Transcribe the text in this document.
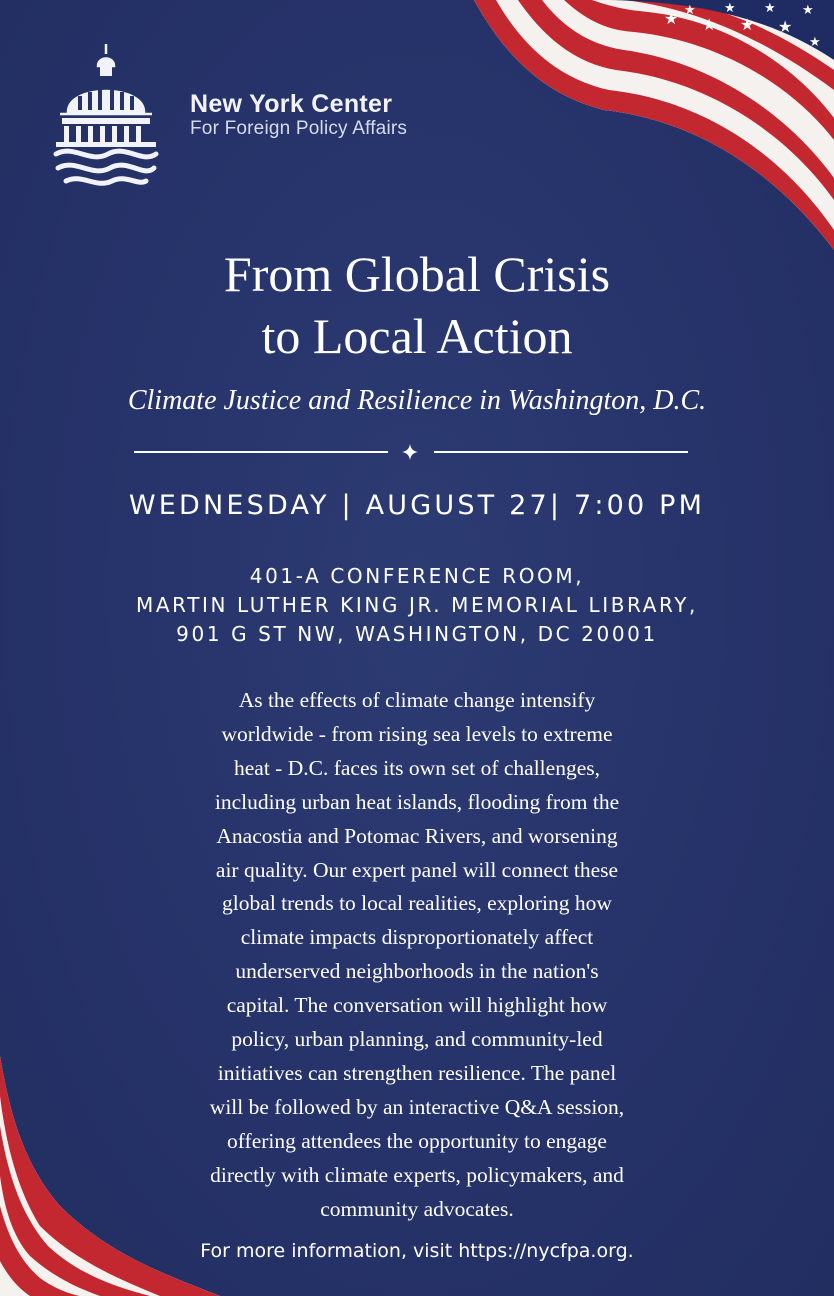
★ ★ ★ ★
★ ★ ★ ★
★
New York Center
For Foreign Policy Affairs
From Global Crisis
to Local Action
Climate Justice and Resilience in Washington, D.C.
WEDNESDAY | AUGUST 27| 7:00 PM
401-A CONFERENCE ROOM,
MARTIN LUTHER KING JR. MEMORIAL LIBRARY,
901 G ST NW, WASHINGTON, DC 20001
As the effects of climate change intensify
worldwide - from rising sea levels to extreme
heat - D.C. faces its own set of challenges,
including urban heat islands, flooding from the
Anacostia and Potomac Rivers, and worsening
air quality. Our expert panel will connect these
global trends to local realities, exploring how
climate impacts disproportionately affect
underserved neighborhoods in the nation's
capital. The conversation will highlight how
policy, urban planning, and community-led
initiatives can strengthen resilience. The panel
will be followed by an interactive Q&A session,
offering attendees the opportunity to engage
directly with climate experts, policymakers, and
community advocates.
For more information, visit https://nycfpa.org.
